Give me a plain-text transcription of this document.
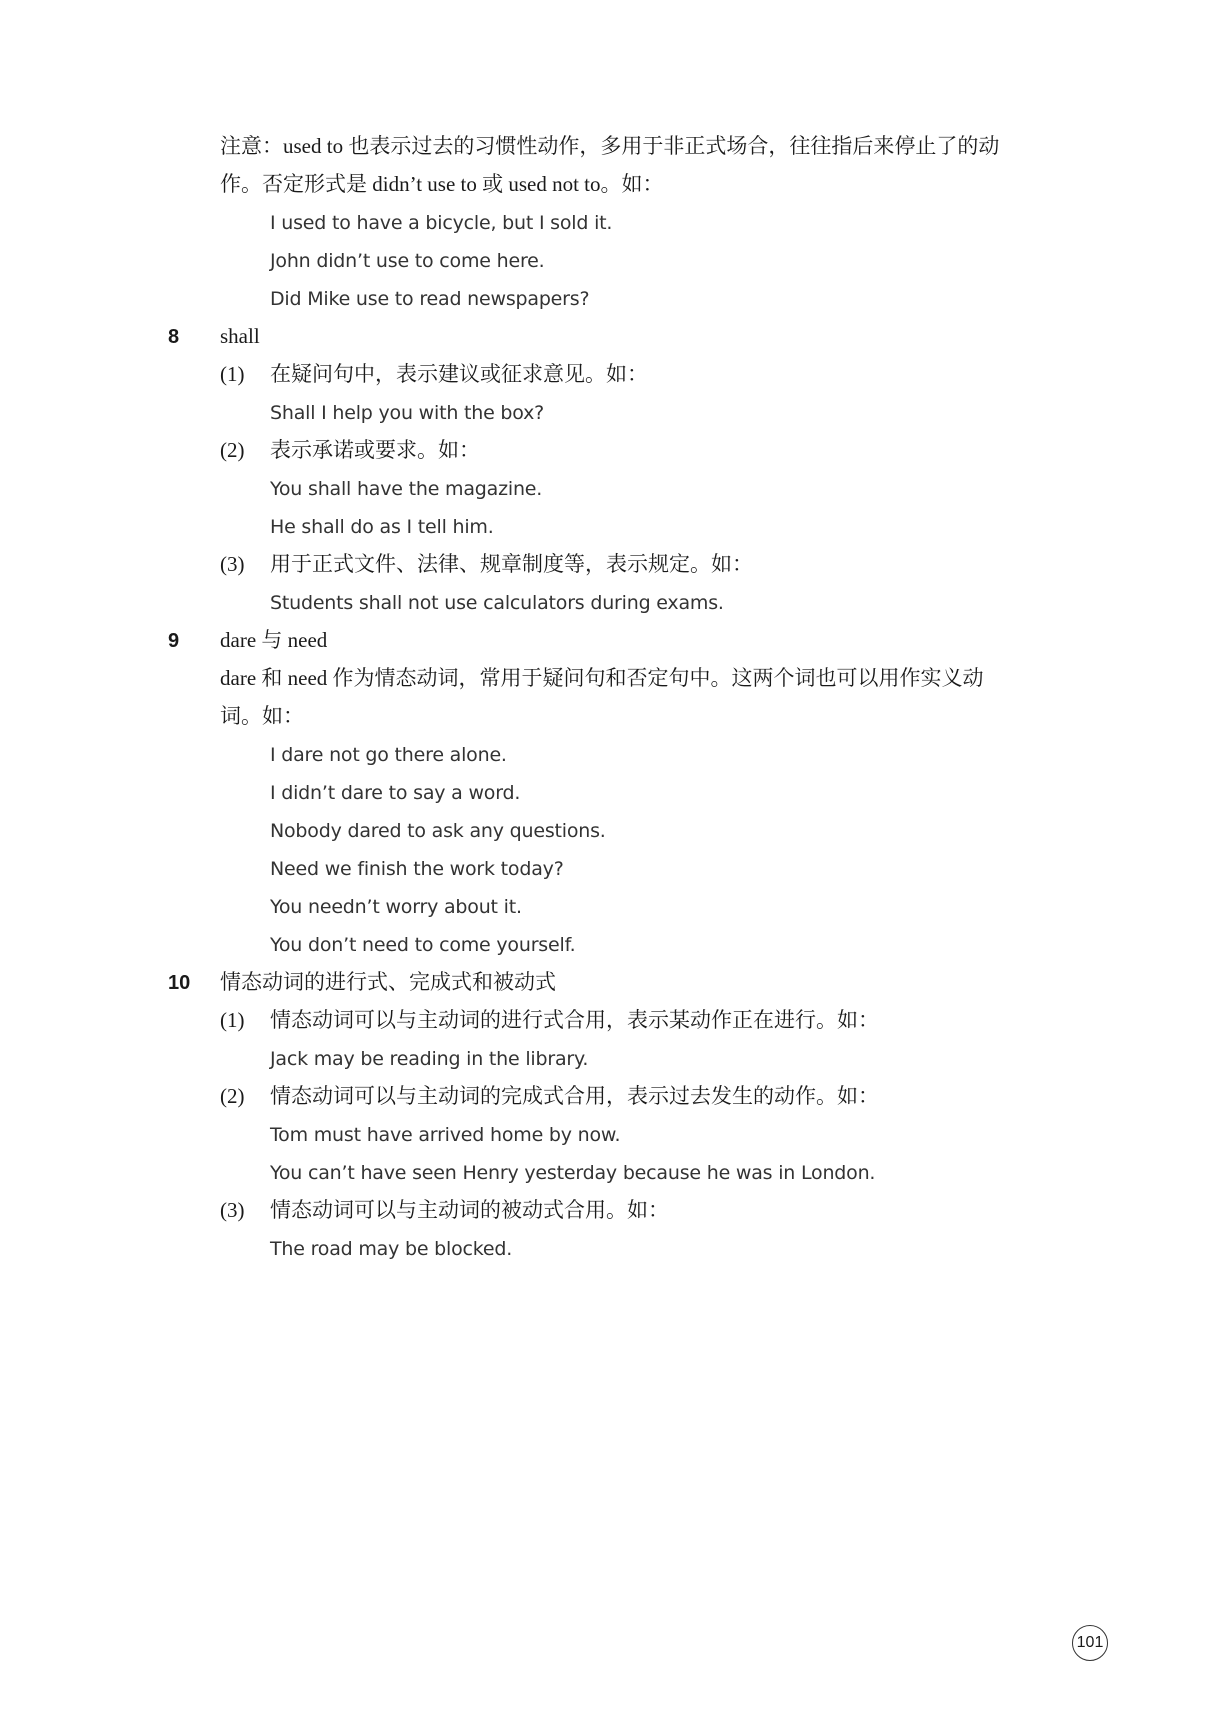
注意：used to 也表示过去的习惯性动作，多用于非正式场合，往往指后来停止了的动
作。否定形式是 didn’t use to 或 used not to。如：
I used to have a bicycle, but I sold it.
John didn’t use to come here.
Did Mike use to read newspapers?
8 shall
(1) 在疑问句中，表示建议或征求意见。如：
Shall I help you with the box?
(2) 表示承诺或要求。如：
You shall have the magazine.
He shall do as I tell him.
(3) 用于正式文件、法律、规章制度等，表示规定。如：
Students shall not use calculators during exams.
9 dare 与 need
dare 和 need 作为情态动词，常用于疑问句和否定句中。这两个词也可以用作实义动
词。如：
I dare not go there alone.
I didn’t dare to say a word.
Nobody dared to ask any questions.
Need we finish the work today?
You needn’t worry about it.
You don’t need to come yourself.
10 情态动词的进行式、完成式和被动式
(1) 情态动词可以与主动词的进行式合用，表示某动作正在进行。如：
Jack may be reading in the library.
(2) 情态动词可以与主动词的完成式合用，表示过去发生的动作。如：
Tom must have arrived home by now.
You can’t have seen Henry yesterday because he was in London.
(3) 情态动词可以与主动词的被动式合用。如：
The road may be blocked.
101
